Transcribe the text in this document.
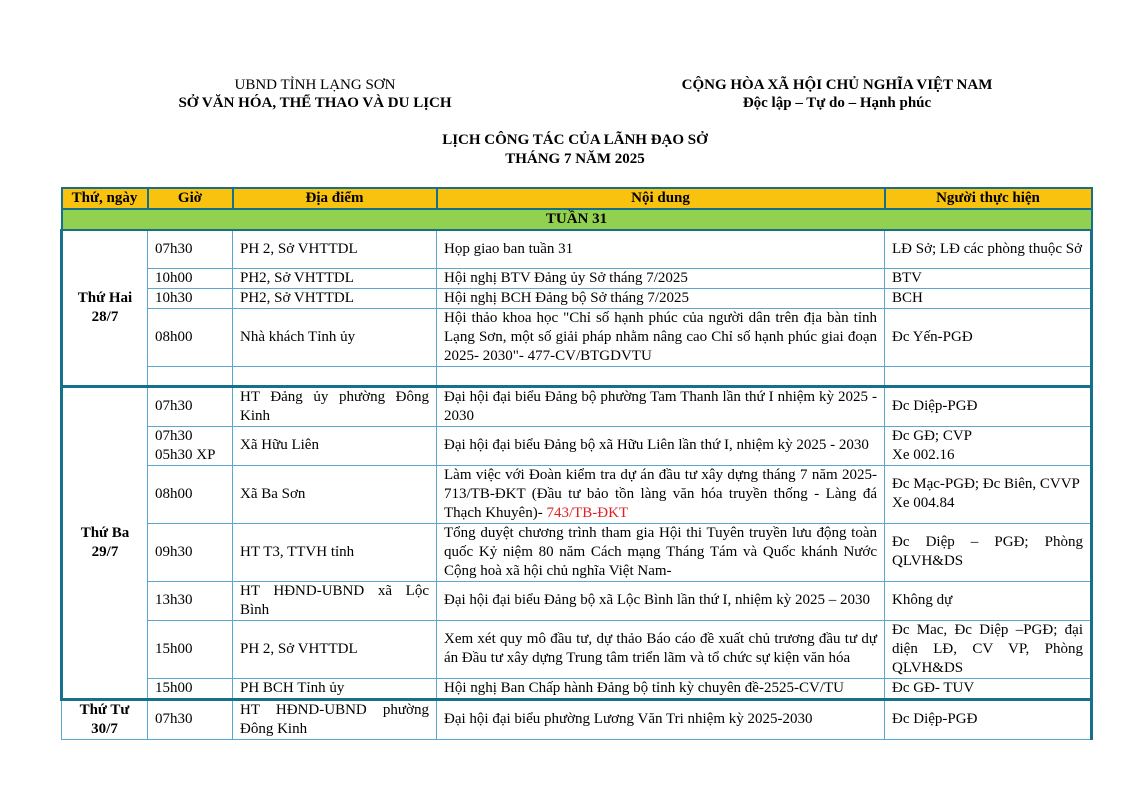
UBND TỈNH LẠNG SƠN
SỞ VĂN HÓA, THỂ THAO VÀ DU LỊCH
CỘNG HÒA XÃ HỘI CHỦ NGHĨA VIỆT NAM
Độc lập – Tự do – Hạnh phúc
LỊCH CÔNG TÁC CỦA LÃNH ĐẠO SỞ
THÁNG 7 NĂM 2025
Thứ, ngày	Giờ	Địa điểm	Nội dung	Người thực hiện
TUẦN 31				

Thứ Hai
28/7	07h30	PH 2, Sở VHTTDL	Họp giao ban tuần 31	LĐ Sở; LĐ các phòng thuộc Sở

	10h00	PH2, Sở VHTTDL	Hội nghị BTV Đảng ủy Sở tháng 7/2025	BTV

	10h30	PH2, Sở VHTTDL	Hội nghị BCH Đảng bộ Sở tháng 7/2025	BCH

	08h00	Nhà khách Tỉnh ủy	Hội thảo khoa học "Chỉ số hạnh phúc của người dân trên địa bàn tỉnh Lạng Sơn, một số giải pháp nhằm nâng cao Chỉ số hạnh phúc giai đoạn 2025- 2030"- 477-CV/BTGDVTU	Đc Yến-PGĐ

Thứ Ba
29/7	07h30	HT Đảng ủy phường Đông Kinh	Đại hội đại biểu Đảng bộ phường Tam Thanh lần thứ I nhiệm kỳ 2025 - 2030	Đc Diệp-PGĐ

	07h30
05h30 XP	Xã Hữu Liên	Đại hội đại biểu Đảng bộ xã Hữu Liên lần thứ I, nhiệm kỳ 2025 - 2030	Đc GĐ; CVP
Xe 002.16

	08h00	Xã Ba Sơn	Làm việc với Đoàn kiểm tra dự án đầu tư xây dựng tháng 7 năm 2025-713/TB-ĐKT (Đầu tư bảo tồn làng văn hóa truyền thống - Làng đá Thạch Khuyên)- 743/TB-ĐKT	Đc Mạc-PGĐ; Đc Biên, CVVP
Xe 004.84

	09h30	HT T3, TTVH tỉnh	Tổng duyệt chương trình tham gia Hội thi Tuyên truyền lưu động toàn quốc Kỷ niệm 80 năm Cách mạng Tháng Tám và Quốc khánh Nước Cộng hoà xã hội chủ nghĩa Việt Nam-	Đc Diệp – PGĐ; Phòng QLVH&DS

	13h30	HT HĐND-UBND xã Lộc Bình	Đại hội đại biểu Đảng bộ xã Lộc Bình lần thứ I, nhiệm kỳ 2025 – 2030	Không dự

	15h00	PH 2, Sở VHTTDL	Xem xét quy mô đầu tư, dự thảo Báo cáo đề xuất chủ trương đầu tư dự án Đầu tư xây dựng Trung tâm triển lãm và tổ chức sự kiện văn hóa	Đc Mac, Đc Diệp –PGĐ; đại diện LĐ, CV VP, Phòng QLVH&DS

	15h00	PH BCH Tỉnh ủy	Hội nghị Ban Chấp hành Đảng bộ tỉnh kỳ chuyên đề-2525-CV/TU	Đc GĐ- TUV

Thứ Tư
30/7	07h30	HT HĐND-UBND phường Đông Kinh	Đại hội đại biểu phường Lương Văn Tri nhiệm kỳ 2025-2030	Đc Diệp-PGĐ
